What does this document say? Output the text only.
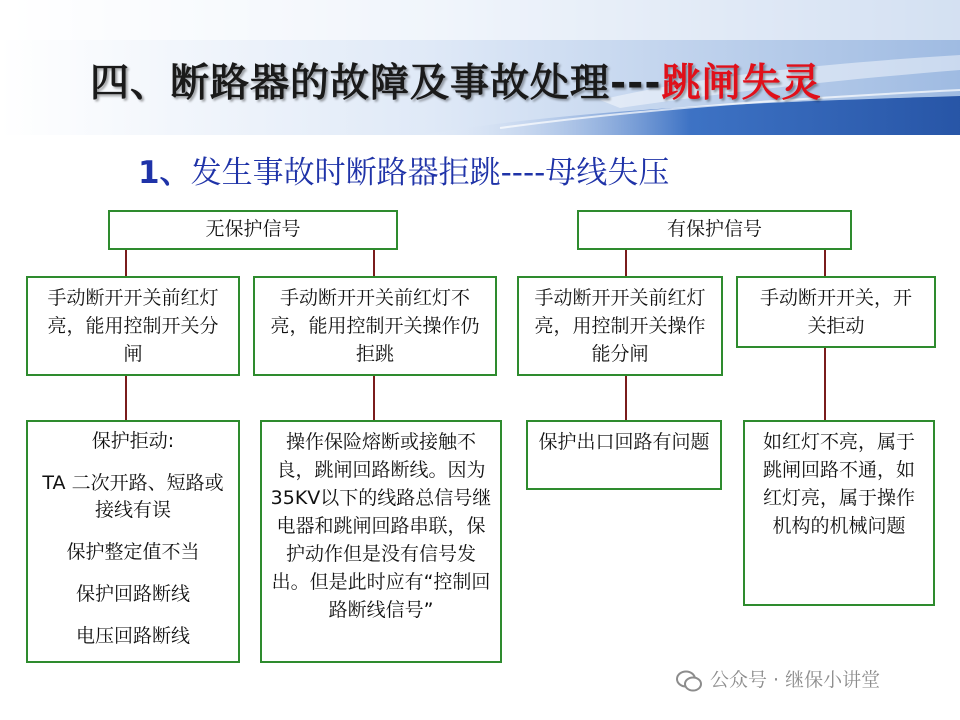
四、断路器的故障及事故处理---跳闸失灵
1、发生事故时断路器拒跳----母线失压
无保护信号	有保护信号
手动断开开关前红灯亮，能用控制开关分闸
手动断开开关前红灯不亮，能用控制开关操作仍拒跳
手动断开开关前红灯亮，用控制开关操作能分闸
手动断开开关，开关拒动

保护拒动:

TA 二次开路、短路或接线有误

保护整定值不当

保护回路断线

电压回路断线

操作保险熔断或接触不良，跳闸回路断线。因为35KV以下的线路总信号继电器和跳闸回路串联，保护动作但是没有信号发出。但是此时应有“控制回路断线信号”
保护出口回路有问题	如红灯不亮，属于跳闸回路不通，如红灯亮，属于操作机构的机械问题
公众号 · 继保小讲堂
